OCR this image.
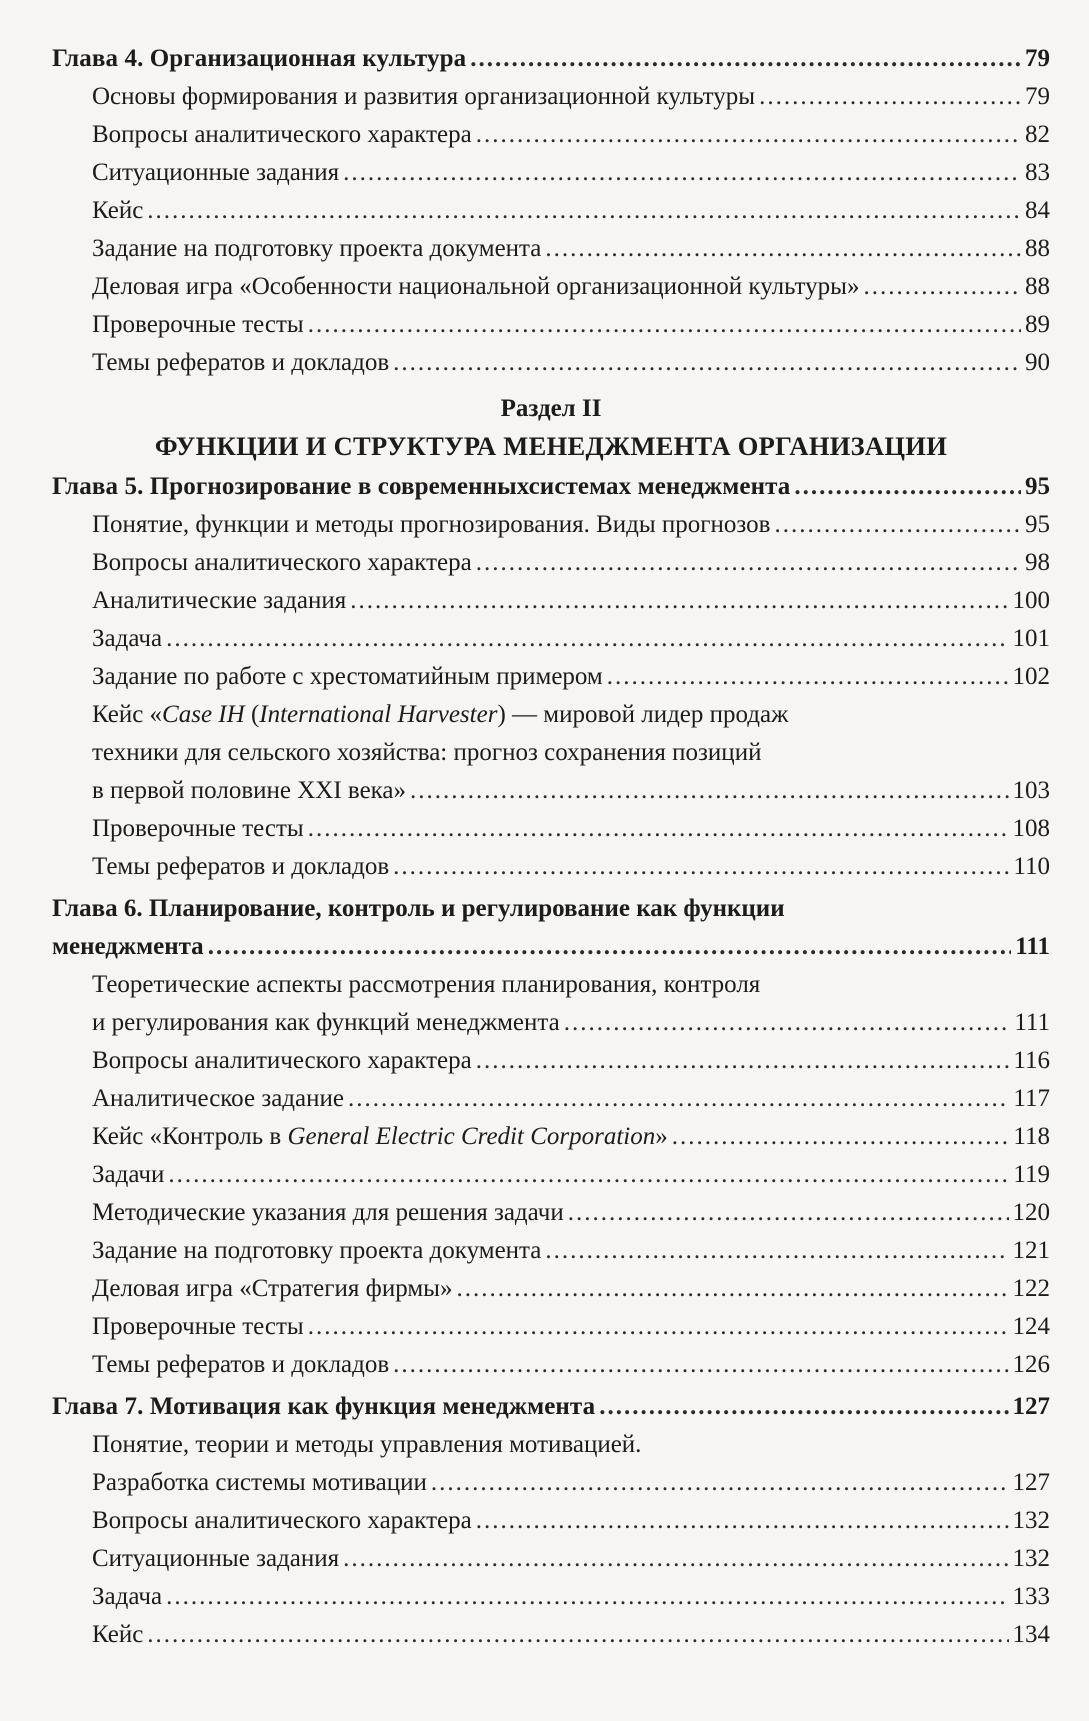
Глава 4. Организационная культура .....	79
Основы формирования и развития организационной культуры .....	79
Вопросы аналитического характера .....	82
Ситуационные задания .....	83
Кейс .....	84
Задание на подготовку проекта документа .....	88
Деловая игра «Особенности национальной организационной культуры» .....	88
Проверочные тесты .....	89
Темы рефератов и докладов .....	90
Раздел II
ФУНКЦИИ И СТРУКТУРА МЕНЕДЖМЕНТА ОРГАНИЗАЦИИ
Глава 5. Прогнозирование в современныхсистемах менеджмента .....	95
Понятие, функции и методы прогнозирования. Виды прогнозов .....	95
Вопросы аналитического характера .....	98
Аналитические задания .....	100
Задача .....	101
Задание по работе с хрестоматийным примером .....	102
Кейс «Case IH (International Harvester) — мировой лидер продаж
техники для сельского хозяйства: прогноз сохранения позиций
в первой половине XXI века» .....	103
Проверочные тесты .....	108
Темы рефератов и докладов .....	110
Глава 6. Планирование, контроль и регулирование как функции
менеджмента .....	111
Теоретические аспекты рассмотрения планирования, контроля
и регулирования как функций менеджмента .....	111
Вопросы аналитического характера .....	116
Аналитическое задание .....	117
Кейс «Контроль в General Electric Credit Corporation» .....	118
Задачи .....	119
Методические указания для решения задачи .....	120
Задание на подготовку проекта документа .....	121
Деловая игра «Стратегия фирмы» .....	122
Проверочные тесты .....	124
Темы рефератов и докладов .....	126
Глава 7. Мотивация как функция менеджмента .....	127
Понятие, теории и методы управления мотивацией.
Разработка системы мотивации .....	127
Вопросы аналитического характера .....	132
Ситуационные задания .....	132
Задача .....	133
Кейс .....	134
